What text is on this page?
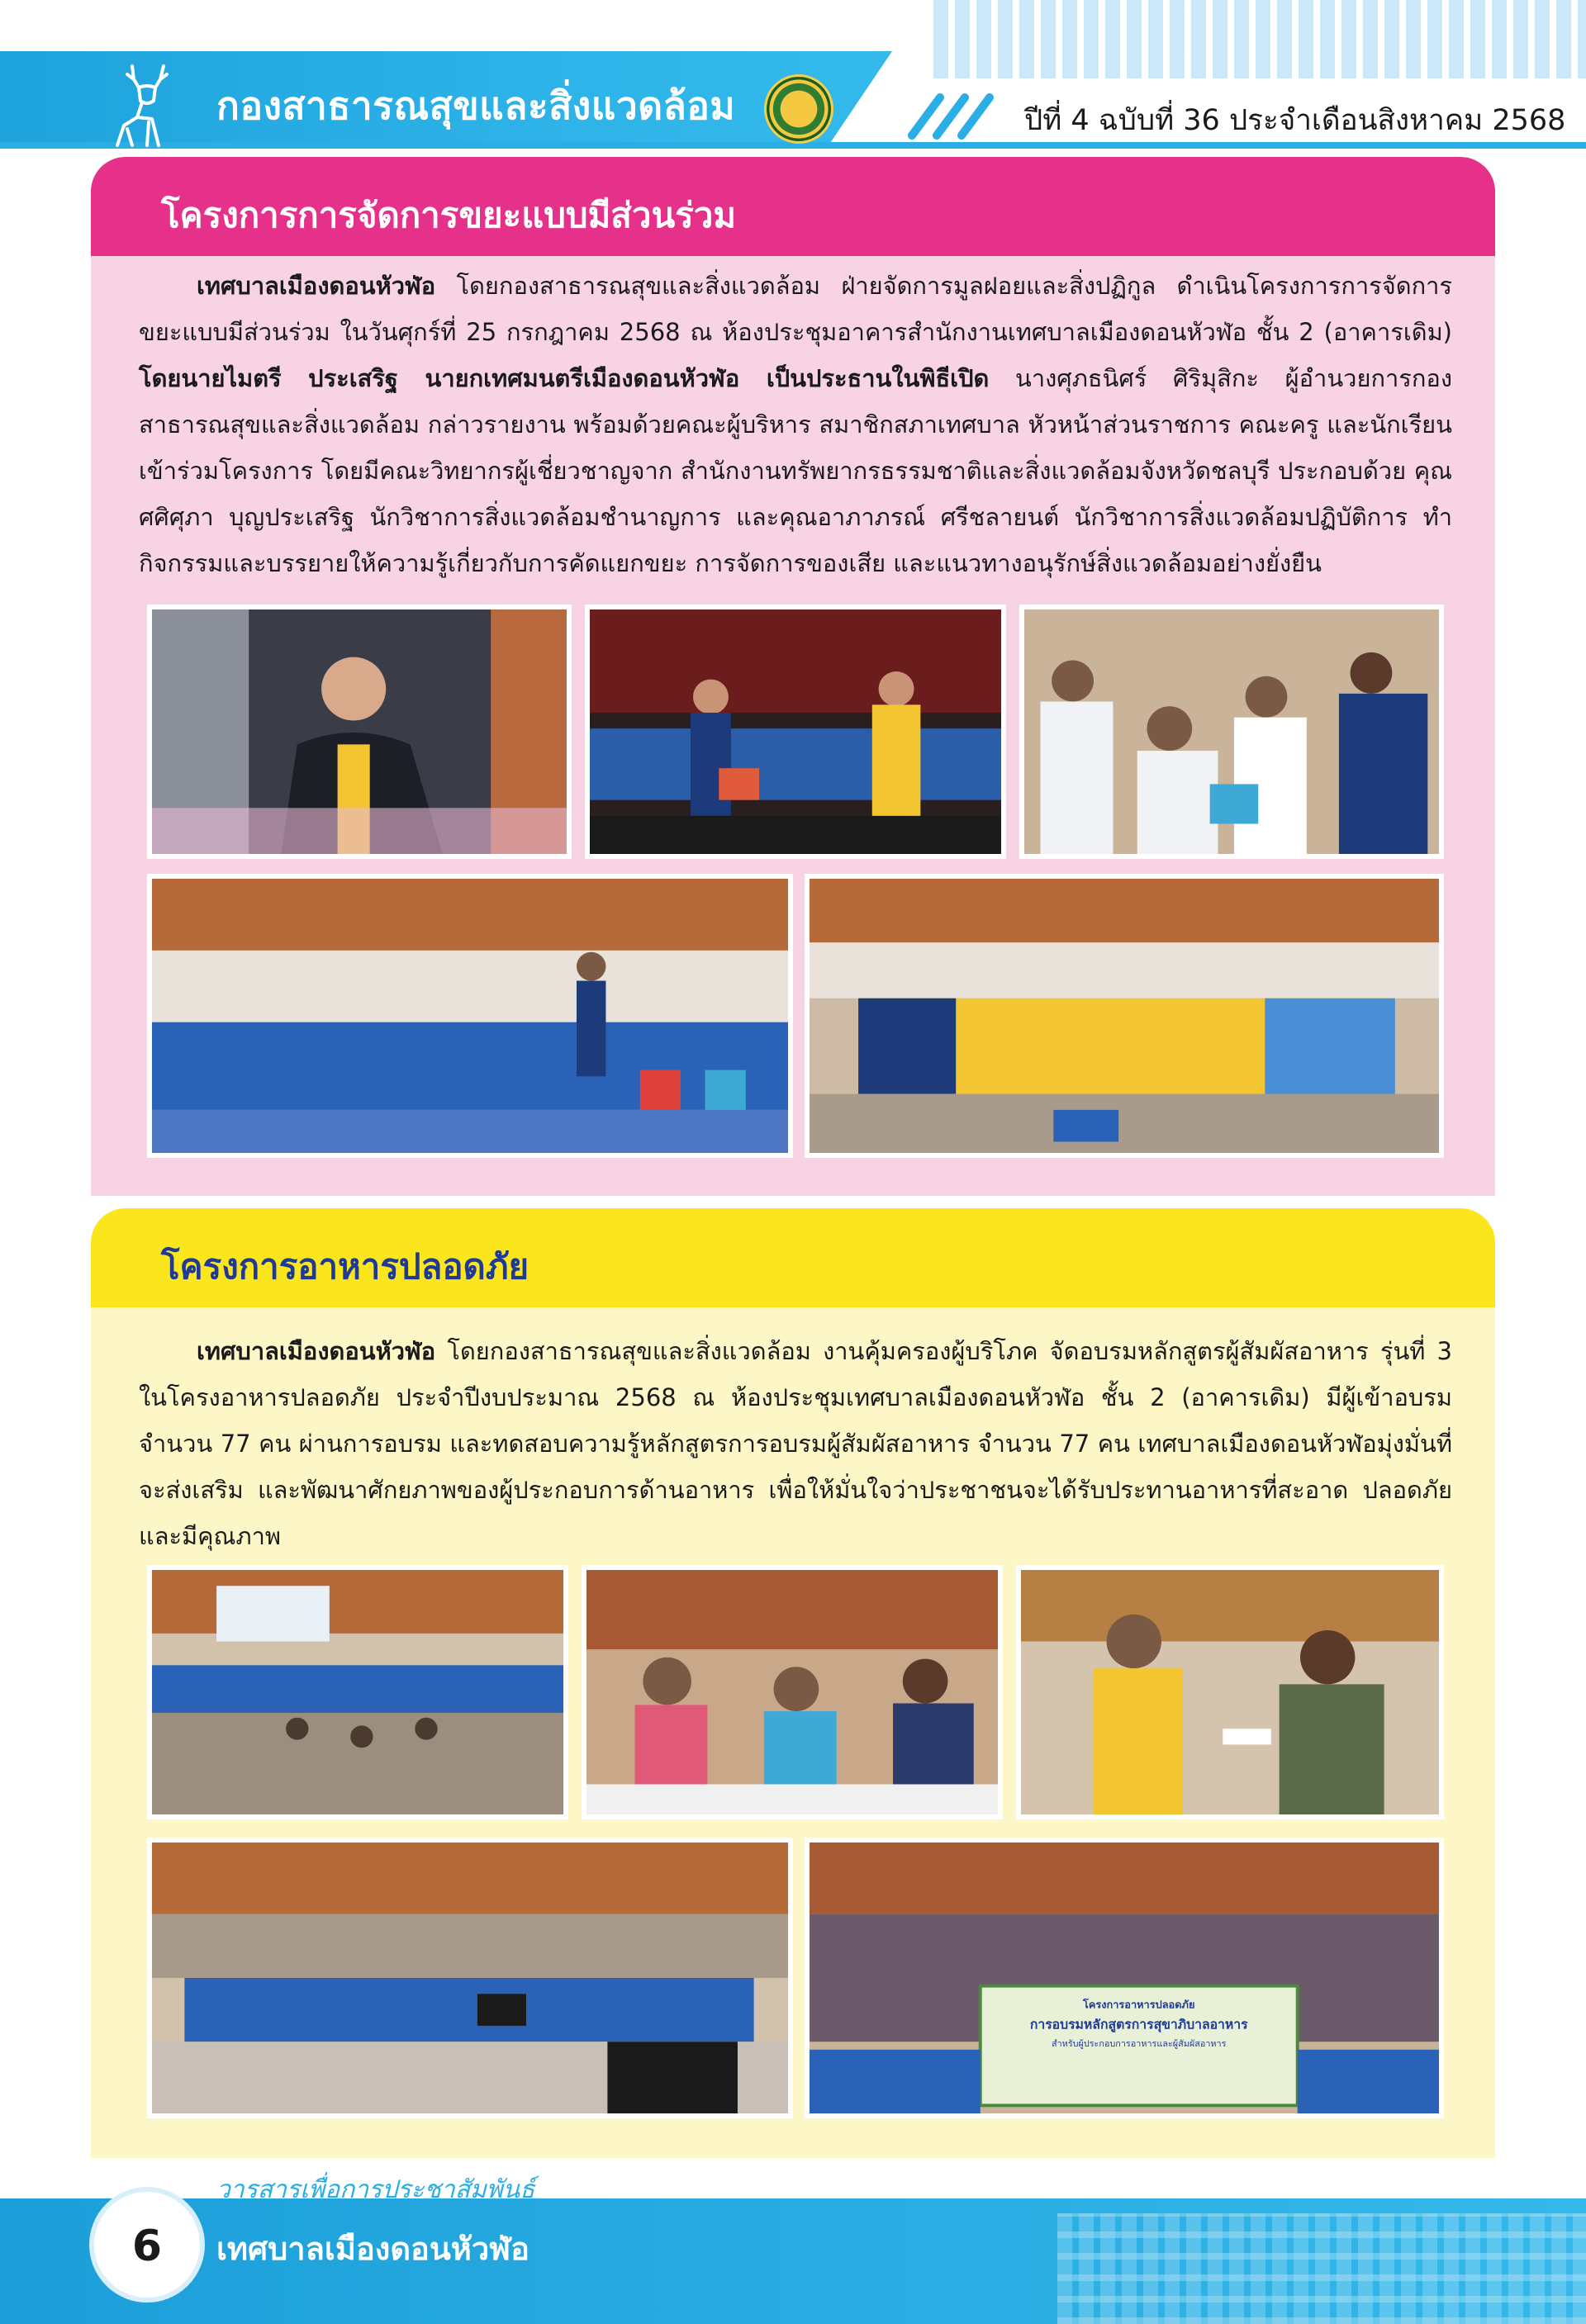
กองสาธารณสุขและสิ่งแวดล้อม	ปีที่ 4 ฉบับที่ 36 ประจำเดือนสิงหาคม 2568
โครงการการจัดการขยะแบบมีส่วนร่วม

เทศบาลเมืองดอนหัวฬ่อ โดยกองสาธารณสุขและสิ่งแวดล้อม ฝ่ายจัดการมูลฝอยและสิ่งปฏิกูล ดำเนินโครงการการจัดการขยะแบบมีส่วนร่วม ในวันศุกร์ที่ 25 กรกฎาคม 2568 ณ ห้องประชุมอาคารสำนักงานเทศบาลเมืองดอนหัวฬ่อ ชั้น 2 (อาคารเดิม) โดยนายไมตรี ประเสริฐ นายกเทศมนตรีเมืองดอนหัวฬ่อ เป็นประธานในพิธีเปิด นางศุภธนิศร์ ศิริมุสิกะ ผู้อำนวยการกองสาธารณสุขและสิ่งแวดล้อม กล่าวรายงาน พร้อมด้วยคณะผู้บริหาร สมาชิกสภาเทศบาล หัวหน้าส่วนราชการ คณะครู และนักเรียน เข้าร่วมโครงการ โดยมีคณะวิทยากรผู้เชี่ยวชาญจาก สำนักงานทรัพยากรธรรมชาติและสิ่งแวดล้อมจังหวัดชลบุรี ประกอบด้วย คุณศศิศุภา บุญประเสริฐ นักวิชาการสิ่งแวดล้อมชำนาญการ และคุณอาภาภรณ์ ศรีชลายนต์ นักวิชาการสิ่งแวดล้อมปฏิบัติการ ทำกิจกรรมและบรรยายให้ความรู้เกี่ยวกับการคัดแยกขยะ การจัดการของเสีย และแนวทางอนุรักษ์สิ่งแวดล้อมอย่างยั่งยืน

โครงการอาหารปลอดภัย

เทศบาลเมืองดอนหัวฬ่อ โดยกองสาธารณสุขและสิ่งแวดล้อม งานคุ้มครองผู้บริโภค จัดอบรมหลักสูตรผู้สัมผัสอาหาร รุ่นที่ 3 ในโครงอาหารปลอดภัย ประจำปีงบประมาณ 2568 ณ ห้องประชุมเทศบาลเมืองดอนหัวฬ่อ ชั้น 2 (อาคารเดิม) มีผู้เข้าอบรม จำนวน 77 คน ผ่านการอบรม และทดสอบความรู้หลักสูตรการอบรมผู้สัมผัสอาหาร จำนวน 77 คน เทศบาลเมืองดอนหัวฬ่อมุ่งมั่นที่จะส่งเสริม และพัฒนาศักยภาพของผู้ประกอบการด้านอาหาร เพื่อให้มั่นใจว่าประชาชนจะได้รับประทานอาหารที่สะอาด ปลอดภัย และมีคุณภาพ

โครงการอาหารปลอดภัย
การอบรมหลักสูตรการสุขาภิบาลอาหาร
สำหรับผู้ประกอบการอาหารและผู้สัมผัสอาหาร
6
วารสารเพื่อการประชาสัมพันธ์
เทศบาลเมืองดอนหัวฬ่อ
